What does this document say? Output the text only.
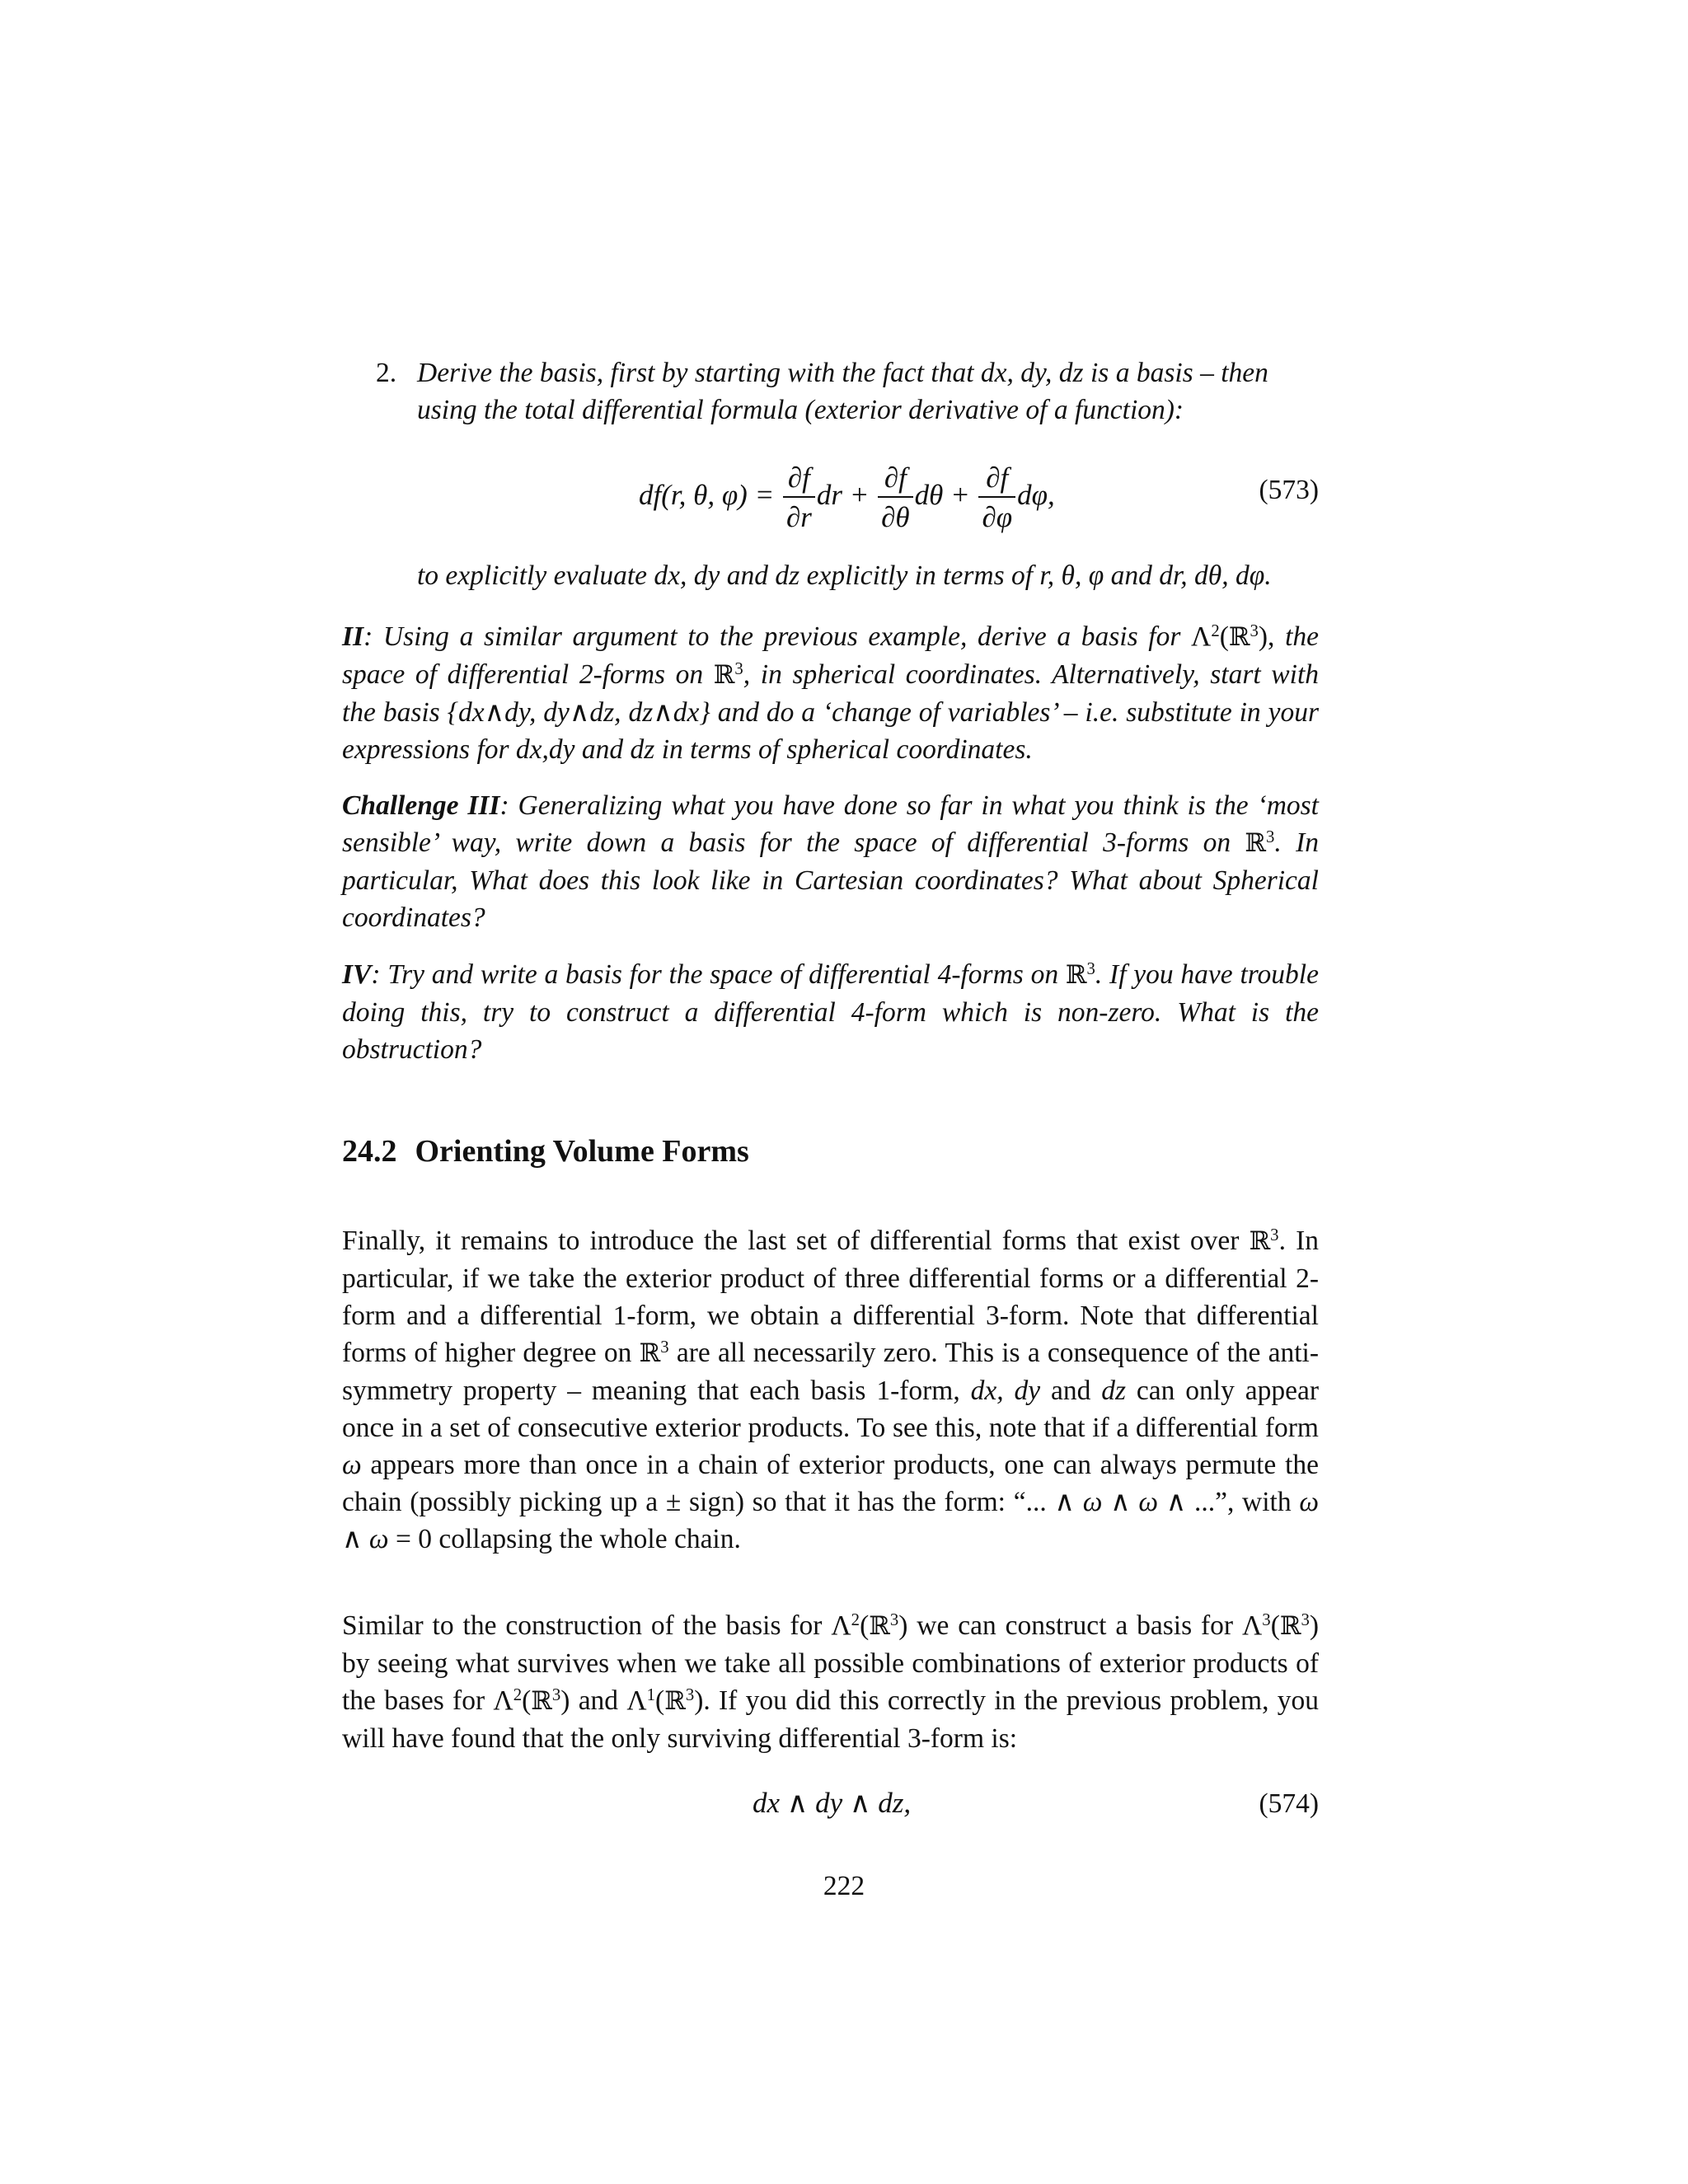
2. Derive the basis, first by starting with the fact that dx, dy, dz is a basis – then using the total differential formula (exterior derivative of a function):

df(r, θ, $\varphi) = \frac{\partial f}{\partial r}$ dr + $\frac{\partial f}{\partial\theta}$ $d\theta + \frac{\partial f}{\partial\varphi} d\varphi$,	(573)

to explicitly evaluate dx, dy and dz explicitly in terms of r, θ, φ and dr, dθ, dφ.

II: Using a similar argument to the previous example, derive a basis for $\Lambda^2(ℝ^3)$, the space of differential 2-forms on ℝ$^3$, in spherical coordinates. Alternatively, start with the basis {dx∧dy, dy∧dz, dz∧dx} and do a ‘change of variables’ – i.e. substitute in your expressions for dx,dy and dz in terms of spherical coordinates.

Challenge III: Generalizing what you have done so far in what you think is the ‘most sensible’ way, write down a basis for the space of differential 3-forms on ℝ$^3$. In particular, What does this look like in Cartesian coordinates? What about Spherical coordinates?

IV: Try and write a basis for the space of differential 4-forms on ℝ$^3$. If you have trouble doing this, try to construct a differential 4-form which is non-zero. What is the obstruction?

24.2 Orienting Volume Forms

Finally, it remains to introduce the last set of differential forms that exist over ℝ$^3$. In particular, if we take the exterior product of three differential forms or a differential 2-form and a differential 1-form, we obtain a differential 3-form. Note that differential forms of higher degree on ℝ$^3$ are all necessarily zero. This is a consequence of the anti-symmetry property – meaning that each basis 1-form, dx, dy and dz can only appear once in a set of consecutive exterior products. To see this, note that if a differential form ω appears more than once in a chain of exterior products, one can always permute the chain (possibly picking up a ± sign) so that it has the form: “... ∧ ω ∧ ω ∧ ...”, with ω ∧ ω = 0 collapsing the whole chain.

Similar to the construction of the basis for $\Lambda^2(ℝ^3)$ we can construct a basis for $\Lambda^3(ℝ^3)$ by seeing what survives when we take all possible combinations of exterior products of the bases for $\Lambda^2(ℝ^3)$ and $\Lambda^1(ℝ^3)$. If you did this correctly in the previous problem, you will have found that the only surviving differential 3-form is:

dx ∧ dy ∧ dz,	(574)
222
